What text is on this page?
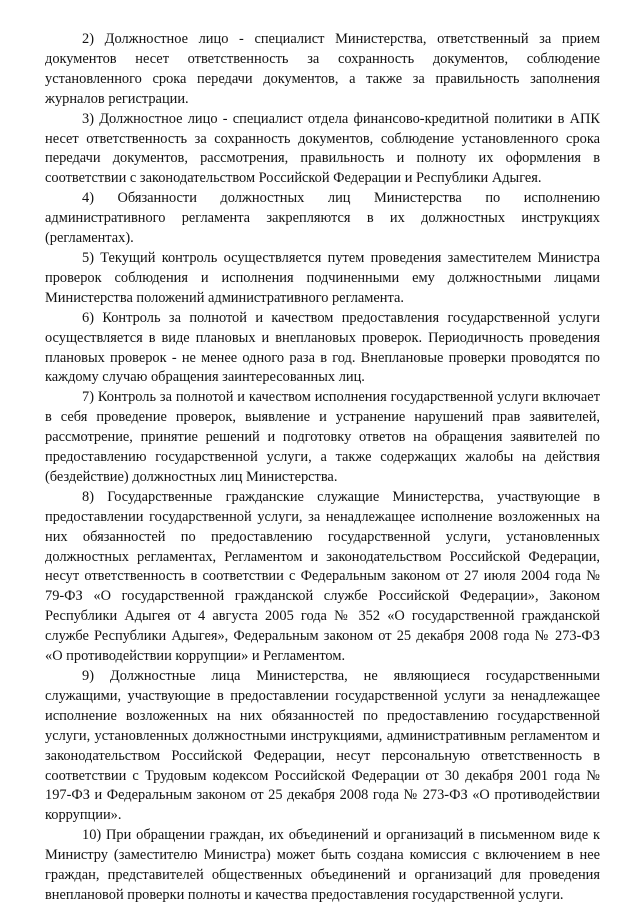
2) Должностное лицо - специалист Министерства, ответственный за прием документов несет ответственность за сохранность документов, соблюдение установленного срока передачи документов, а также за правильность заполнения журналов регистрации.

3) Должностное лицо - специалист отдела финансово-кредитной политики в АПК несет ответственность за сохранность документов, соблюдение установленного срока передачи документов, рассмотрения, правильность и полноту их оформления в соответствии с законодательством Российской Федерации и Республики Адыгея.

4) Обязанности должностных лиц Министерства по исполнению административного регламента закрепляются в их должностных инструкциях (регламентах).

5) Текущий контроль осуществляется путем проведения заместителем Министра проверок соблюдения и исполнения подчиненными ему должностными лицами Министерства положений административного регламента.

6) Контроль за полнотой и качеством предоставления государственной услуги осуществляется в виде плановых и внеплановых проверок. Периодичность проведения плановых проверок - не менее одного раза в год. Внеплановые проверки проводятся по каждому случаю обращения заинтересованных лиц.

7) Контроль за полнотой и качеством исполнения государственной услуги включает в себя проведение проверок, выявление и устранение нарушений прав заявителей, рассмотрение, принятие решений и подготовку ответов на обращения заявителей по предоставлению государственной услуги, а также содержащих жалобы на действия (бездействие) должностных лиц Министерства.

8) Государственные гражданские служащие Министерства, участвующие в предоставлении государственной услуги, за ненадлежащее исполнение возложенных на них обязанностей по предоставлению государственной услуги, установленных должностных регламентах, Регламентом и законодательством Российской Федерации, несут ответственность в соответствии с Федеральным законом от 27 июля 2004 года № 79-ФЗ «О государственной гражданской службе Российской Федерации», Законом Республики Адыгея от 4 августа 2005 года № 352 «О государственной гражданской службе Республики Адыгея», Федеральным законом от 25 декабря 2008 года № 273-ФЗ «О противодействии коррупции» и Регламентом.

9) Должностные лица Министерства, не являющиеся государственными служащими, участвующие в предоставлении государственной услуги за ненадлежащее исполнение возложенных на них обязанностей по предоставлению государственной услуги, установленных должностными инструкциями, административным регламентом и законодательством Российской Федерации, несут персональную ответственность в соответствии с Трудовым кодексом Российской Федерации от 30 декабря 2001 года № 197-ФЗ и Федеральным законом от 25 декабря 2008 года № 273-ФЗ «О противодействии коррупции».

10) При обращении граждан, их объединений и организаций в письменном виде к Министру (заместителю Министра) может быть создана комиссия с включением в нее граждан, представителей общественных объединений и организаций для проведения внеплановой проверки полноты и качества предоставления государственной услуги.
